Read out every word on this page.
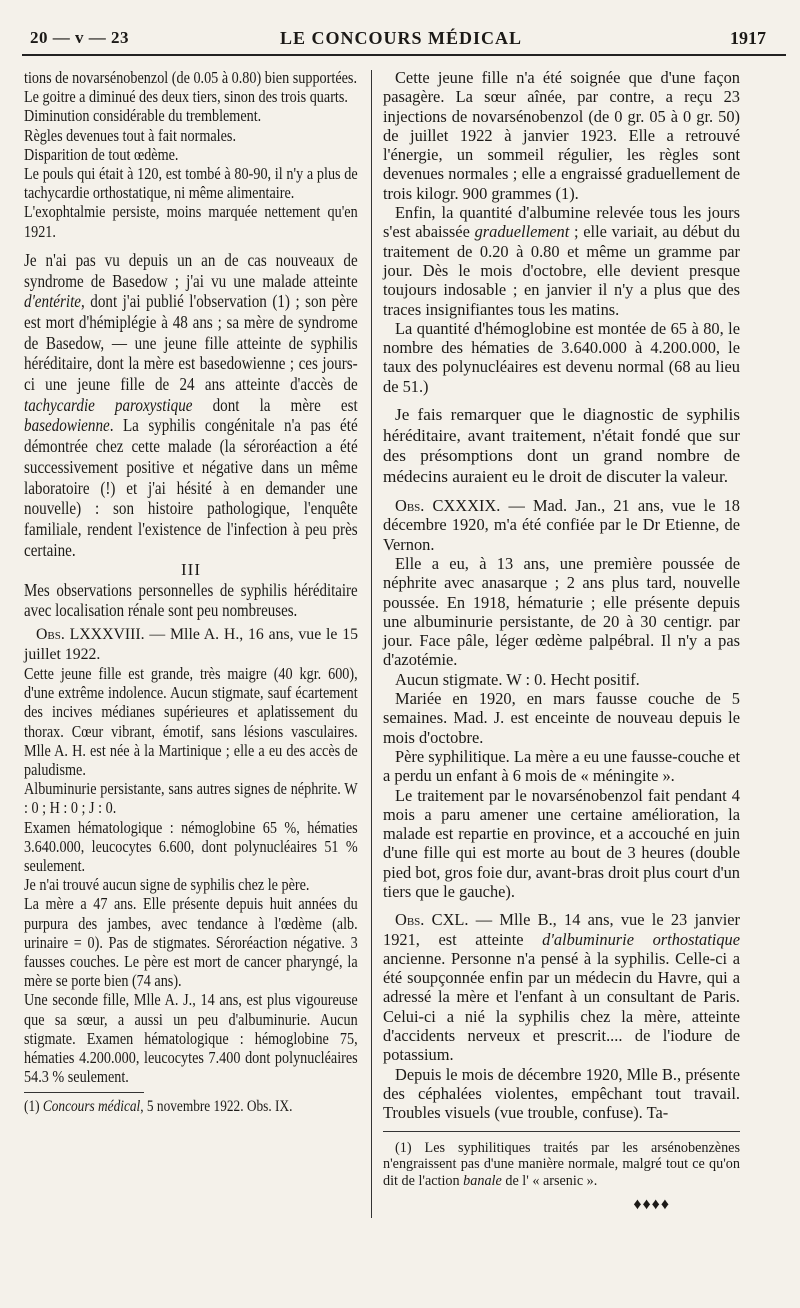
20 — v — 23	LE CONCOURS MÉDICAL	1917

tions de novarsénobenzol (de 0.05 à 0.80) bien supportées.

Le goitre a diminué des deux tiers, sinon des trois quarts.

Diminution considérable du tremblement.

Règles devenues tout à fait normales.

Disparition de tout œdème.

Le pouls qui était à 120, est tombé à 80-90, il n'y a plus de tachycardie orthostatique, ni même alimentaire.

L'exophtalmie persiste, moins marquée nettement qu'en 1921.

Je n'ai pas vu depuis un an de cas nouveaux de syndrome de Basedow ; j'ai vu une malade atteinte d'entérite, dont j'ai publié l'observation (1) ; son père est mort d'hémiplégie à 48 ans ; sa mère de syndrome de Basedow, — une jeune fille atteinte de syphilis héréditaire, dont la mère est basedowienne ; ces jours-ci une jeune fille de 24 ans atteinte d'accès de tachycardie paroxystique dont la mère est basedowienne. La syphilis congénitale n'a pas été démontrée chez cette malade (la séroréaction a été successivement positive et négative dans un même laboratoire (!) et j'ai hésité à en demander une nouvelle) : son histoire pathologique, l'enquête familiale, rendent l'existence de l'infection à peu près certaine.

III

Mes observations personnelles de syphilis héréditaire avec localisation rénale sont peu nombreuses.

Obs. LXXXVIII. — Mlle A. H., 16 ans, vue le 15 juillet 1922.

Cette jeune fille est grande, très maigre (40 kgr. 600), d'une extrême indolence. Aucun stigmate, sauf écartement des incives médianes supérieures et aplatissement du thorax. Cœur vibrant, émotif, sans lésions vasculaires. Mlle A. H. est née à la Martinique ; elle a eu des accès de paludisme.

Albuminurie persistante, sans autres signes de néphrite. W : 0 ; H : 0 ; J : 0.

Examen hématologique : némoglobine 65 %, hématies 3.640.000, leucocytes 6.600, dont polynucléaires 51 % seulement.

Je n'ai trouvé aucun signe de syphilis chez le père.

La mère a 47 ans. Elle présente depuis huit années du purpura des jambes, avec tendance à l'œdème (alb. urinaire = 0). Pas de stigmates. Séroréaction négative. 3 fausses couches. Le père est mort de cancer pharyngé, la mère se porte bien (74 ans).

Une seconde fille, Mlle A. J., 14 ans, est plus vigoureuse que sa sœur, a aussi un peu d'albuminurie. Aucun stigmate. Examen hématologique : hémoglobine 75, hématies 4.200.000, leucocytes 7.400 dont polynucléaires 54.3 % seulement.

(1) Concours médical, 5 novembre 1922. Obs. IX.

Cette jeune fille n'a été soignée que d'une façon pasagère. La sœur aînée, par contre, a reçu 23 injections de novarsénobenzol (de 0 gr. 05 à 0 gr. 50) de juillet 1922 à janvier 1923. Elle a retrouvé l'énergie, un sommeil régulier, les règles sont devenues normales ; elle a engraissé graduellement de trois kilogr. 900 grammes (1).

Enfin, la quantité d'albumine relevée tous les jours s'est abaissée graduellement ; elle variait, au début du traitement de 0.20 à 0.80 et même un gramme par jour. Dès le mois d'octobre, elle devient presque toujours indosable ; en janvier il n'y a plus que des traces insignifiantes tous les matins.

La quantité d'hémoglobine est montée de 65 à 80, le nombre des hématies de 3.640.000 à 4.200.000, le taux des polynucléaires est devenu normal (68 au lieu de 51.)

Je fais remarquer que le diagnostic de syphilis héréditaire, avant traitement, n'était fondé que sur des présomptions dont un grand nombre de médecins auraient eu le droit de discuter la valeur.

Obs. CXXXIX. — Mad. Jan., 21 ans, vue le 18 décembre 1920, m'a été confiée par le Dr Etienne, de Vernon.

Elle a eu, à 13 ans, une première poussée de néphrite avec anasarque ; 2 ans plus tard, nouvelle poussée. En 1918, hématurie ; elle présente depuis une albuminurie persistante, de 20 à 30 centigr. par jour. Face pâle, léger œdème palpébral. Il n'y a pas d'azotémie.

Aucun stigmate. W : 0. Hecht positif.

Mariée en 1920, en mars fausse couche de 5 semaines. Mad. J. est enceinte de nouveau depuis le mois d'octobre.

Père syphilitique. La mère a eu une fausse-couche et a perdu un enfant à 6 mois de « méningite ».

Le traitement par le novarsénobenzol fait pendant 4 mois a paru amener une certaine amélioration, la malade est repartie en province, et a accouché en juin d'une fille qui est morte au bout de 3 heures (double pied bot, gros foie dur, avant-bras droit plus court d'un tiers que le gauche).

Obs. CXL. — Mlle B., 14 ans, vue le 23 janvier 1921, est atteinte d'albuminurie orthostatique ancienne. Personne n'a pensé à la syphilis. Celle-ci a été soupçonnée enfin par un médecin du Havre, qui a adressé la mère et l'enfant à un consultant de Paris. Celui-ci a nié la syphilis chez la mère, atteinte d'accidents nerveux et prescrit.... de l'iodure de potassium.

Depuis le mois de décembre 1920, Mlle B., présente des céphalées violentes, empêchant tout travail. Troubles visuels (vue trouble, confuse). Ta-

(1) Les syphilitiques traités par les arsénobenzènes n'engraissent pas d'une manière normale, malgré tout ce qu'on dit de l'action banale de l' « arsenic ».

♦♦♦♦
